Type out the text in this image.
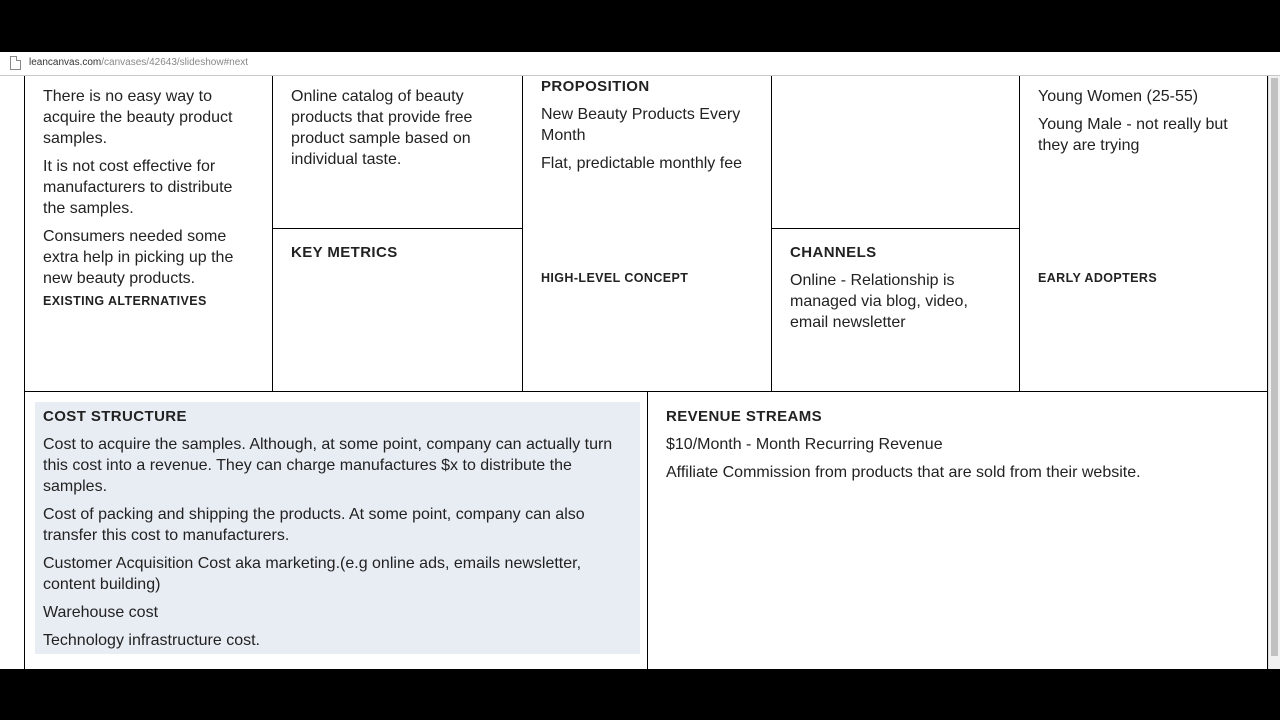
leancanvas.com/canvases/42643/slideshow#next

There is no easy way to acquire the beauty product samples.

It is not cost effective for manufacturers to distribute the samples.

Consumers needed some extra help in picking up the new beauty products.

EXISTING ALTERNATIVES

Online catalog of beauty products that provide free product sample based on individual taste.

KEY METRICS
PROPOSITION

New Beauty Products Every Month

Flat, predictable monthly fee

HIGH-LEVEL CONCEPT
CHANNELS

Online - Relationship is managed via blog, video, email newsletter

Young Women (25-55)

Young Male - not really but they are trying

EARLY ADOPTERS
COST STRUCTURE

Cost to acquire the samples. Although, at some point, company can actually turn this cost into a revenue. They can charge manufactures $x to distribute the samples.

Cost of packing and shipping the products. At some point, company can also transfer this cost to manufacturers.

Customer Acquisition Cost aka marketing.(e.g online ads, emails newsletter, content building)

Warehouse cost

Technology infrastructure cost.

REVENUE STREAMS

$10/Month - Month Recurring Revenue

Affiliate Commission from products that are sold from their website.
